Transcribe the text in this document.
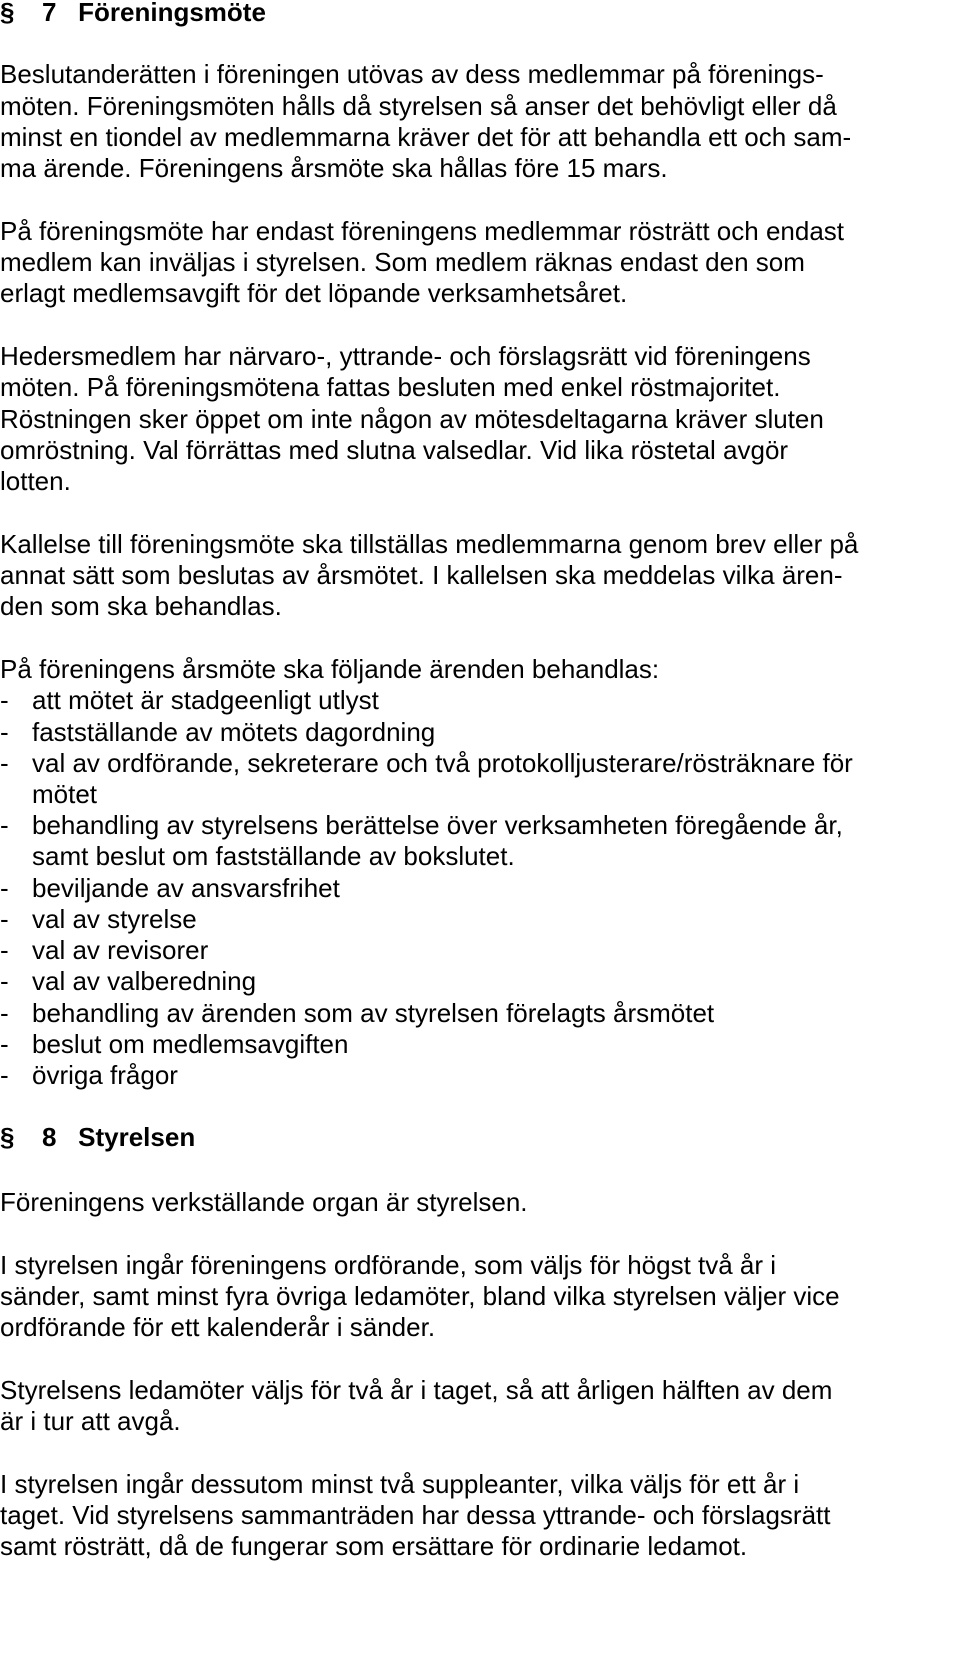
§ 7 Föreningsmöte
Beslutanderätten i föreningen utövas av dess medlemmar på förenings-
möten. Föreningsmöten hålls då styrelsen så anser det behövligt eller då
minst en tiondel av medlemmarna kräver det för att behandla ett och sam-
ma ärende. Föreningens årsmöte ska hållas före 15 mars.
På föreningsmöte har endast föreningens medlemmar rösträtt och endast
medlem kan inväljas i styrelsen. Som medlem räknas endast den som
erlagt medlemsavgift för det löpande verksamhetsåret.
Hedersmedlem har närvaro-, yttrande- och förslagsrätt vid föreningens
möten. På föreningsmötena fattas besluten med enkel röstmajoritet.
Röstningen sker öppet om inte någon av mötesdeltagarna kräver sluten
omröstning. Val förrättas med slutna valsedlar. Vid lika röstetal avgör
lotten.
Kallelse till föreningsmöte ska tillställas medlemmarna genom brev eller på
annat sätt som beslutas av årsmötet. I kallelsen ska meddelas vilka ären-
den som ska behandlas.
På föreningens årsmöte ska följande ärenden behandlas:
- att mötet är stadgeenligt utlyst
- fastställande av mötets dagordning
- val av ordförande, sekreterare och två protokolljusterare/rösträknare för
mötet
- behandling av styrelsens berättelse över verksamheten föregående år,
samt beslut om fastställande av bokslutet.
- beviljande av ansvarsfrihet
- val av styrelse
- val av revisorer
- val av valberedning
- behandling av ärenden som av styrelsen förelagts årsmötet
- beslut om medlemsavgiften
- övriga frågor
§ 8 Styrelsen
Föreningens verkställande organ är styrelsen.
I styrelsen ingår föreningens ordförande, som väljs för högst två år i
sänder, samt minst fyra övriga ledamöter, bland vilka styrelsen väljer vice
ordförande för ett kalenderår i sänder.
Styrelsens ledamöter väljs för två år i taget, så att årligen hälften av dem
är i tur att avgå.
I styrelsen ingår dessutom minst två suppleanter, vilka väljs för ett år i
taget. Vid styrelsens sammanträden har dessa yttrande- och förslagsrätt
samt rösträtt, då de fungerar som ersättare för ordinarie ledamot.
